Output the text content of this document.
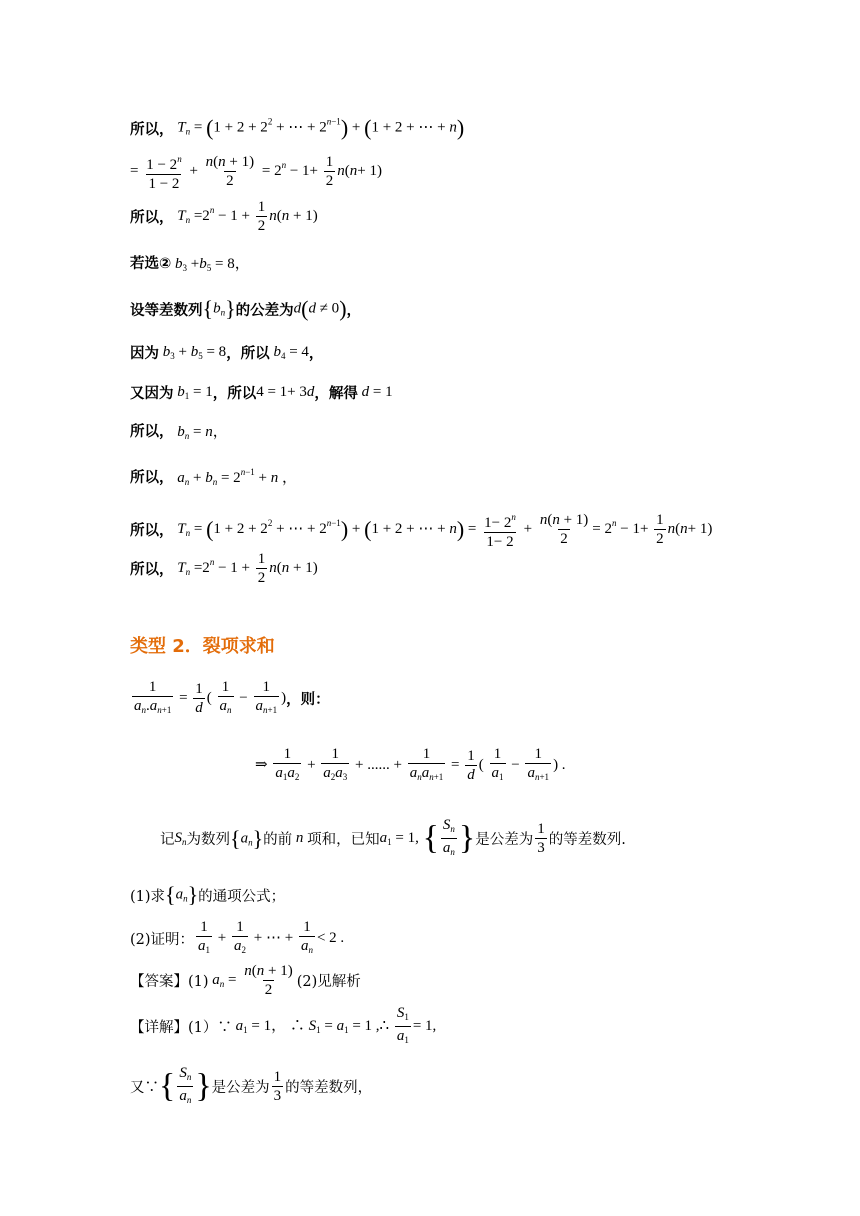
所以， $T_n = (1 + 2 + 2^2$ + ⋯ + $2^{n-1}) + (1 + 2$ + ⋯ + n)
= $\frac{1 - 2^n}{1 - 2} + \frac{n(n + 1)}{2} = 2^n - 1+ \frac{1}{2} n(n+ 1)$
所以， $T_n =2^n - 1 + \frac{1}{2} n(n + 1)$
若选② $b_3 +b_5 = 8$，
设等差数列 $\{b_n\}$ 的公差为 d(d ≠ 0) ，
因为 $b_3 + b_5 = 8$ ，所以 $b_4 = 4$ ，
又因为 $b_1 = 1$ ，所以 4 = 1+ 3d ，解得 d = 1
所以， $b_n = n$，
所以， $a_n + b_n = 2^{n-1} + n$ ，
所以， $T_n = (1 + 2 + 2^2$ + ⋯ + $2^{n-1}) + (1 + 2$ + ⋯ + $n) = \frac{1- 2^n}{1- 2} + \frac{n(n + 1)}{2} = 2^n - 1+ \frac{1}{2} n(n+ 1)$
所以， $T_n =2^n - 1 + \frac{1}{2} n(n + 1)$
类型 2．裂项求和
$\frac{1}{a_n.a_{n+1}} = \frac{1}{d}$ ( $\frac{1}{a_n} - \frac{1}{a_{n+1}}$ ) ，则：
⇒ $\frac{1}{a_1a_2} + \frac{1}{a_2a_3}$ + ...... + $\frac{1}{a_na_{n+1}} = \frac{1}{d}$ ( $\frac{1}{a_1} - \frac{1}{a_{n+1}}$ ) .
记 $S_n$ 为数列 $\{a_n\}$ 的前 n 项和，已知 $a_1 = 1$, { $\frac{S_n}{a_n}$ } 是公差为 $\frac{1}{3}$ 的等差数列.
(1)求 $\{a_n\}$ 的通项公式；
(2)证明： $\frac{1}{a_1} + \frac{1}{a_2}$ + ⋯ + $\frac{1}{a_n} < 2$ .
【答案】(1) $a_n = \frac{n(n + 1)}{2} (2)$见解析
【详解】(1）∵ $a_1 = 1$， ∴ $S_1 = a_1 = 1$ ,∴ $\frac{S_1}{a_1} = 1$,
又∵ { $\frac{S_n}{a_n}$ } 是公差为 $\frac{1}{3}$ 的等差数列，
